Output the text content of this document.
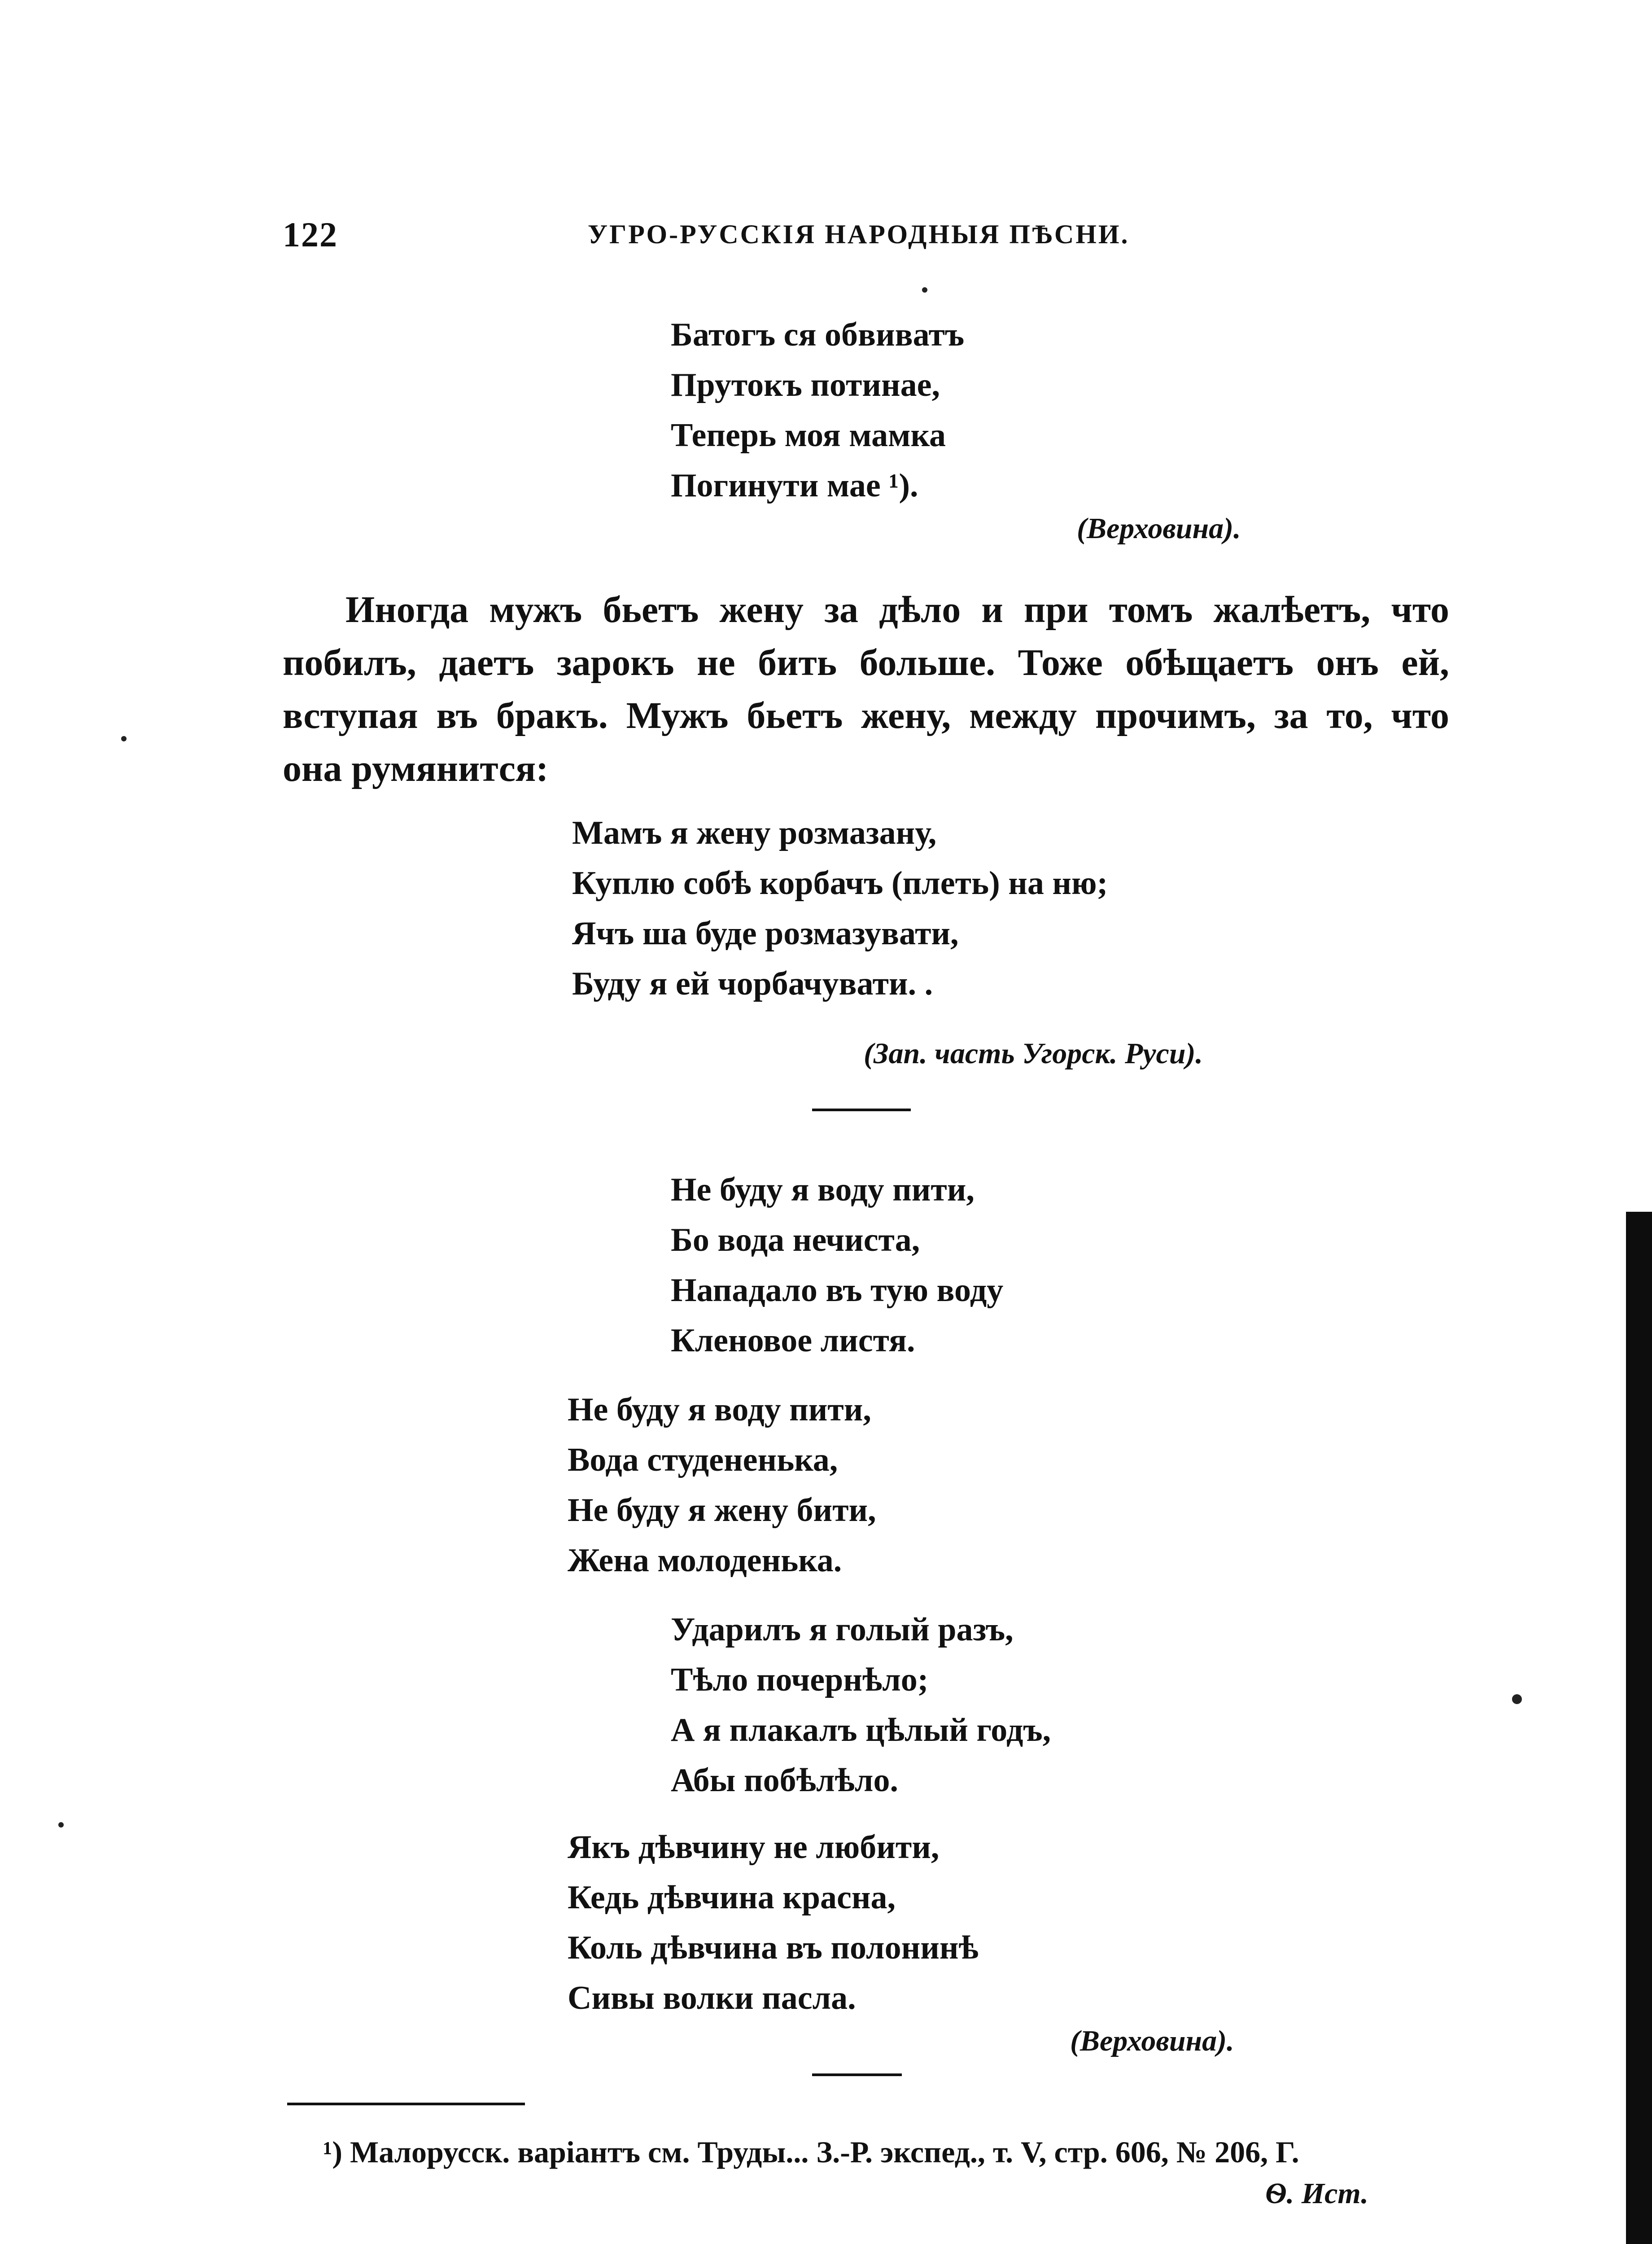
122	УГРО-РУССКІЯ НАРОДНЫЯ ПѢСНИ.
Батогъ ся обвиватъ
Прутокъ потинае,
Теперь моя мамка
Погинути мае ¹).
(Верховина).
Иногда мужъ бьетъ жену за дѣло и при томъ жалѣетъ, что
побилъ, даетъ зарокъ не бить больше. Тоже обѣщаетъ онъ ей,
вступая въ бракъ. Мужъ бьетъ жену, между прочимъ, за то, что
она румянится:
Мамъ я жену розмазану,
Куплю собѣ корбачъ (плеть) на ню;
Ячъ ша буде розмазувати,
Буду я ей чорбачувати. .
(Зап. часть Угорск. Руси).
Не буду я воду пити,
Бо вода нечиста,
Нападало въ тую воду
Кленовое листя.
Не буду я воду пити,
Вода студененька,
Не буду я жену бити,
Жена молоденька.
Ударилъ я голый разъ,
Тѣло почернѣло;
А я плакалъ цѣлый годъ,
Абы побѣлѣло.
Якъ дѣвчину не любити,
Кедь дѣвчина красна,
Коль дѣвчина въ полонинѣ
Сивы волки пасла.
(Верховина).
¹) Малорусск. варіантъ см. Труды... З.-Р. экспед., т. V, стр. 606, № 206, Г.
Ѳ. Ист.
